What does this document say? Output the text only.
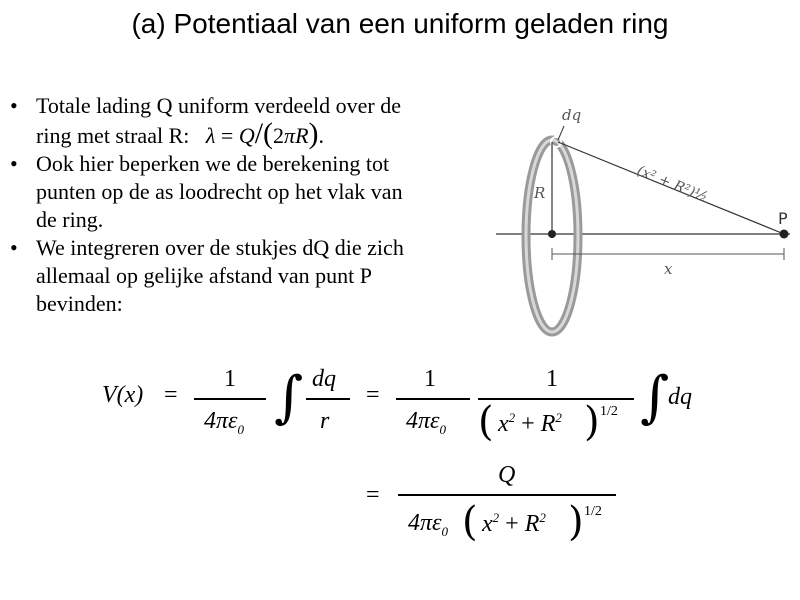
(a) Potentiaal van een uniform geladen ring
• Totale lading Q uniform verdeeld over de
ring met straal R: λ = Q/(2πR).
• Ook hier beperken we de berekening tot
punten op de as loodrecht op het vlak van
de ring.
• We integreren over de stukjes dQ die zich
allemaal op gelijke afstand van punt P
bevinden:
dq
R
x
P
(x² + R²)½
V(x) =
1
$4\pi\varepsilon_0$ ∫ dq
r
=
1
$4\pi\varepsilon_0$
1
( $x^2 + R^2$ ) 1/2 ∫
dq
=
Q
$4\pi\varepsilon_0$ ( $x^2 + R^2$ ) 1/2
